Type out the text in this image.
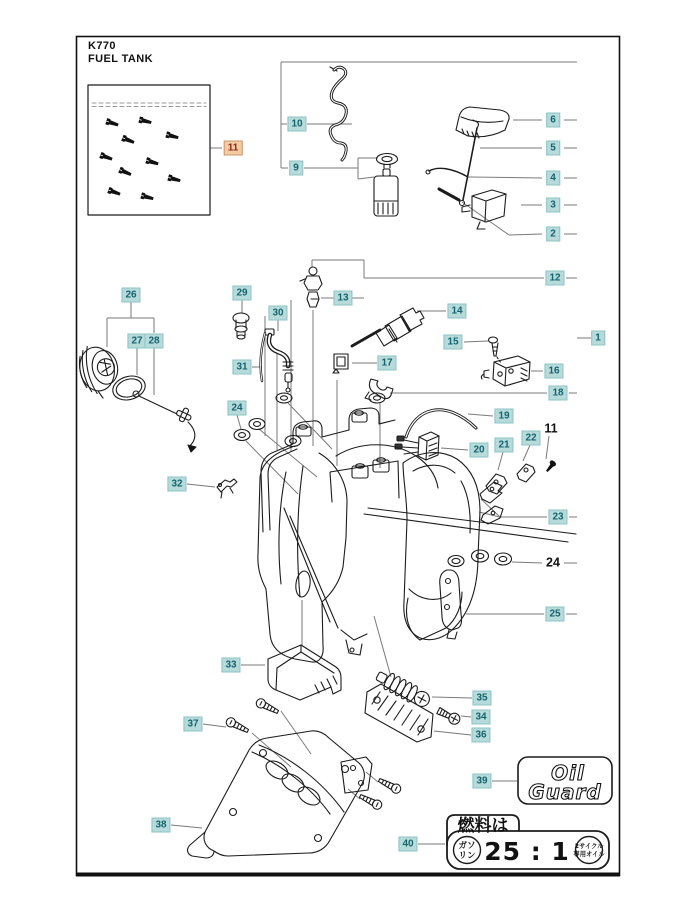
Oil
Guard
燃料は
ガソ
リン 25 : 1 2サイクル
専用オイル
K770
FUEL TANK
11
10
9
6
5
4
3
2
12
1
13
14
15
16
17
18
19
20	21
22
11
23
24
24
25
26
27 28
29
30
31
32
33
35
34
36
37
38
39
40
